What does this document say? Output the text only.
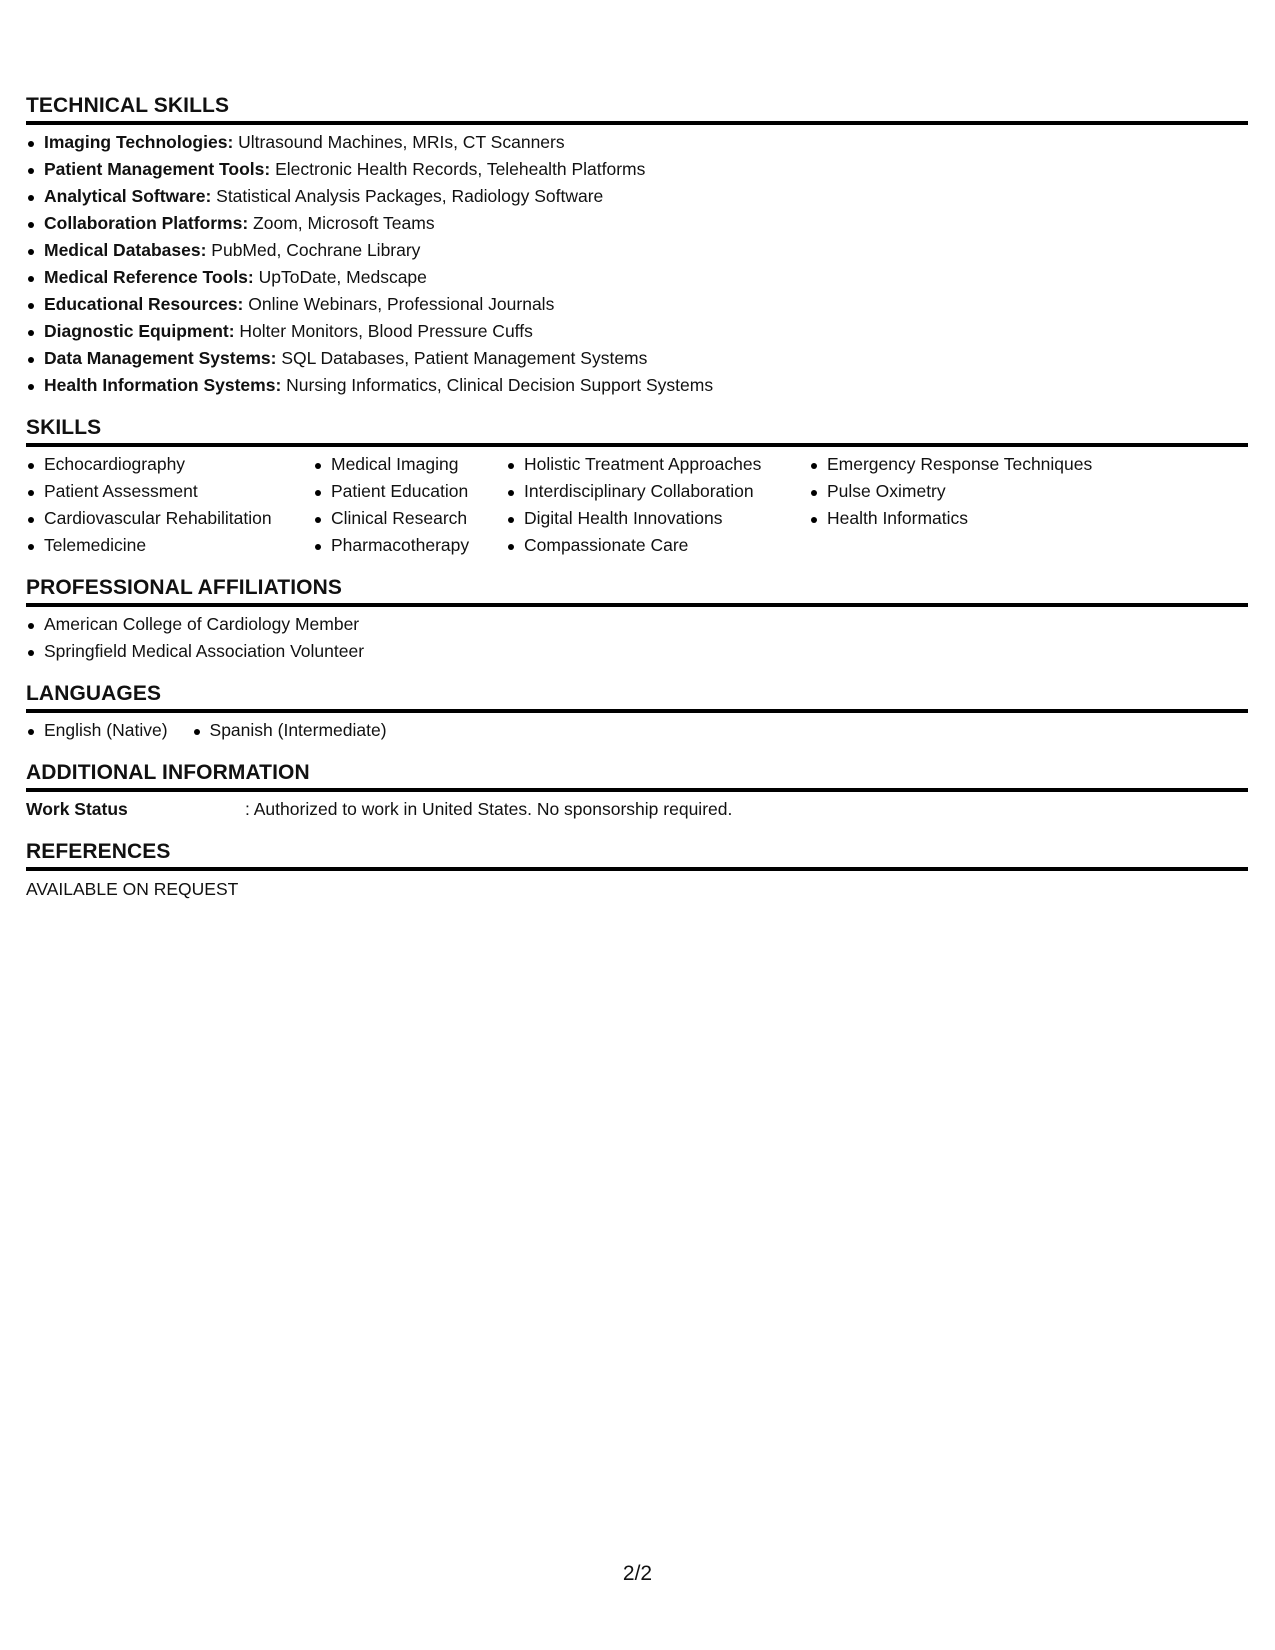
TECHNICAL SKILLS
Imaging Technologies: Ultrasound Machines, MRIs, CT Scanners
Patient Management Tools: Electronic Health Records, Telehealth Platforms
Analytical Software: Statistical Analysis Packages, Radiology Software
Collaboration Platforms: Zoom, Microsoft Teams
Medical Databases: PubMed, Cochrane Library
Medical Reference Tools: UpToDate, Medscape
Educational Resources: Online Webinars, Professional Journals
Diagnostic Equipment: Holter Monitors, Blood Pressure Cuffs
Data Management Systems: SQL Databases, Patient Management Systems
Health Information Systems: Nursing Informatics, Clinical Decision Support Systems
SKILLS
Echocardiography
Patient Assessment
Cardiovascular Rehabilitation
Telemedicine
Medical Imaging
Patient Education
Clinical Research
Pharmacotherapy
Holistic Treatment Approaches
Interdisciplinary Collaboration
Digital Health Innovations
Compassionate Care
Emergency Response Techniques
Pulse Oximetry
Health Informatics
PROFESSIONAL AFFILIATIONS
American College of Cardiology Member
Springfield Medical Association Volunteer
LANGUAGES
English (Native)	Spanish (Intermediate)
ADDITIONAL INFORMATION
Work Status	: Authorized to work in United States. No sponsorship required.
REFERENCES
AVAILABLE ON REQUEST
2/2
